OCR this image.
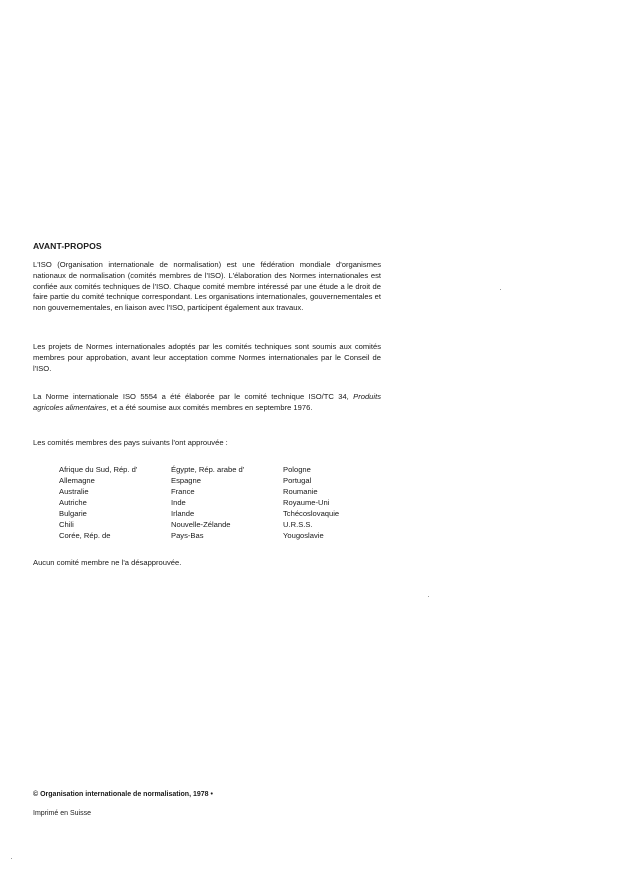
AVANT-PROPOS

L'ISO (Organisation internationale de normalisation) est une fédération mondiale d'organismes nationaux de normalisation (comités membres de l'ISO). L'élaboration des Normes internationales est confiée aux comités techniques de l'ISO. Chaque comité membre intéressé par une étude a le droit de faire partie du comité technique correspondant. Les organisations internationales, gouvernementales et non gouvernementales, en liaison avec l'ISO, participent également aux travaux.

Les projets de Normes internationales adoptés par les comités techniques sont soumis aux comités membres pour approbation, avant leur acceptation comme Normes internationales par le Conseil de l'ISO.

La Norme internationale ISO 5554 a été élaborée par le comité technique ISO/TC 34, Produits agricoles alimentaires, et a été soumise aux comités membres en septembre 1976.

Les comités membres des pays suivants l'ont approuvée :

Afrique du Sud, Rép. d'
Allemagne
Australie
Autriche
Bulgarie
Chili
Corée, Rép. de
Égypte, Rép. arabe d'
Espagne
France
Inde
Irlande
Nouvelle-Zélande
Pays-Bas
Pologne
Portugal
Roumanie
Royaume-Uni
Tchécoslovaquie
U.R.S.S.
Yougoslavie

Aucun comité membre ne l'a désapprouvée.

© Organisation internationale de normalisation, 1978 •
Imprimé en Suisse
